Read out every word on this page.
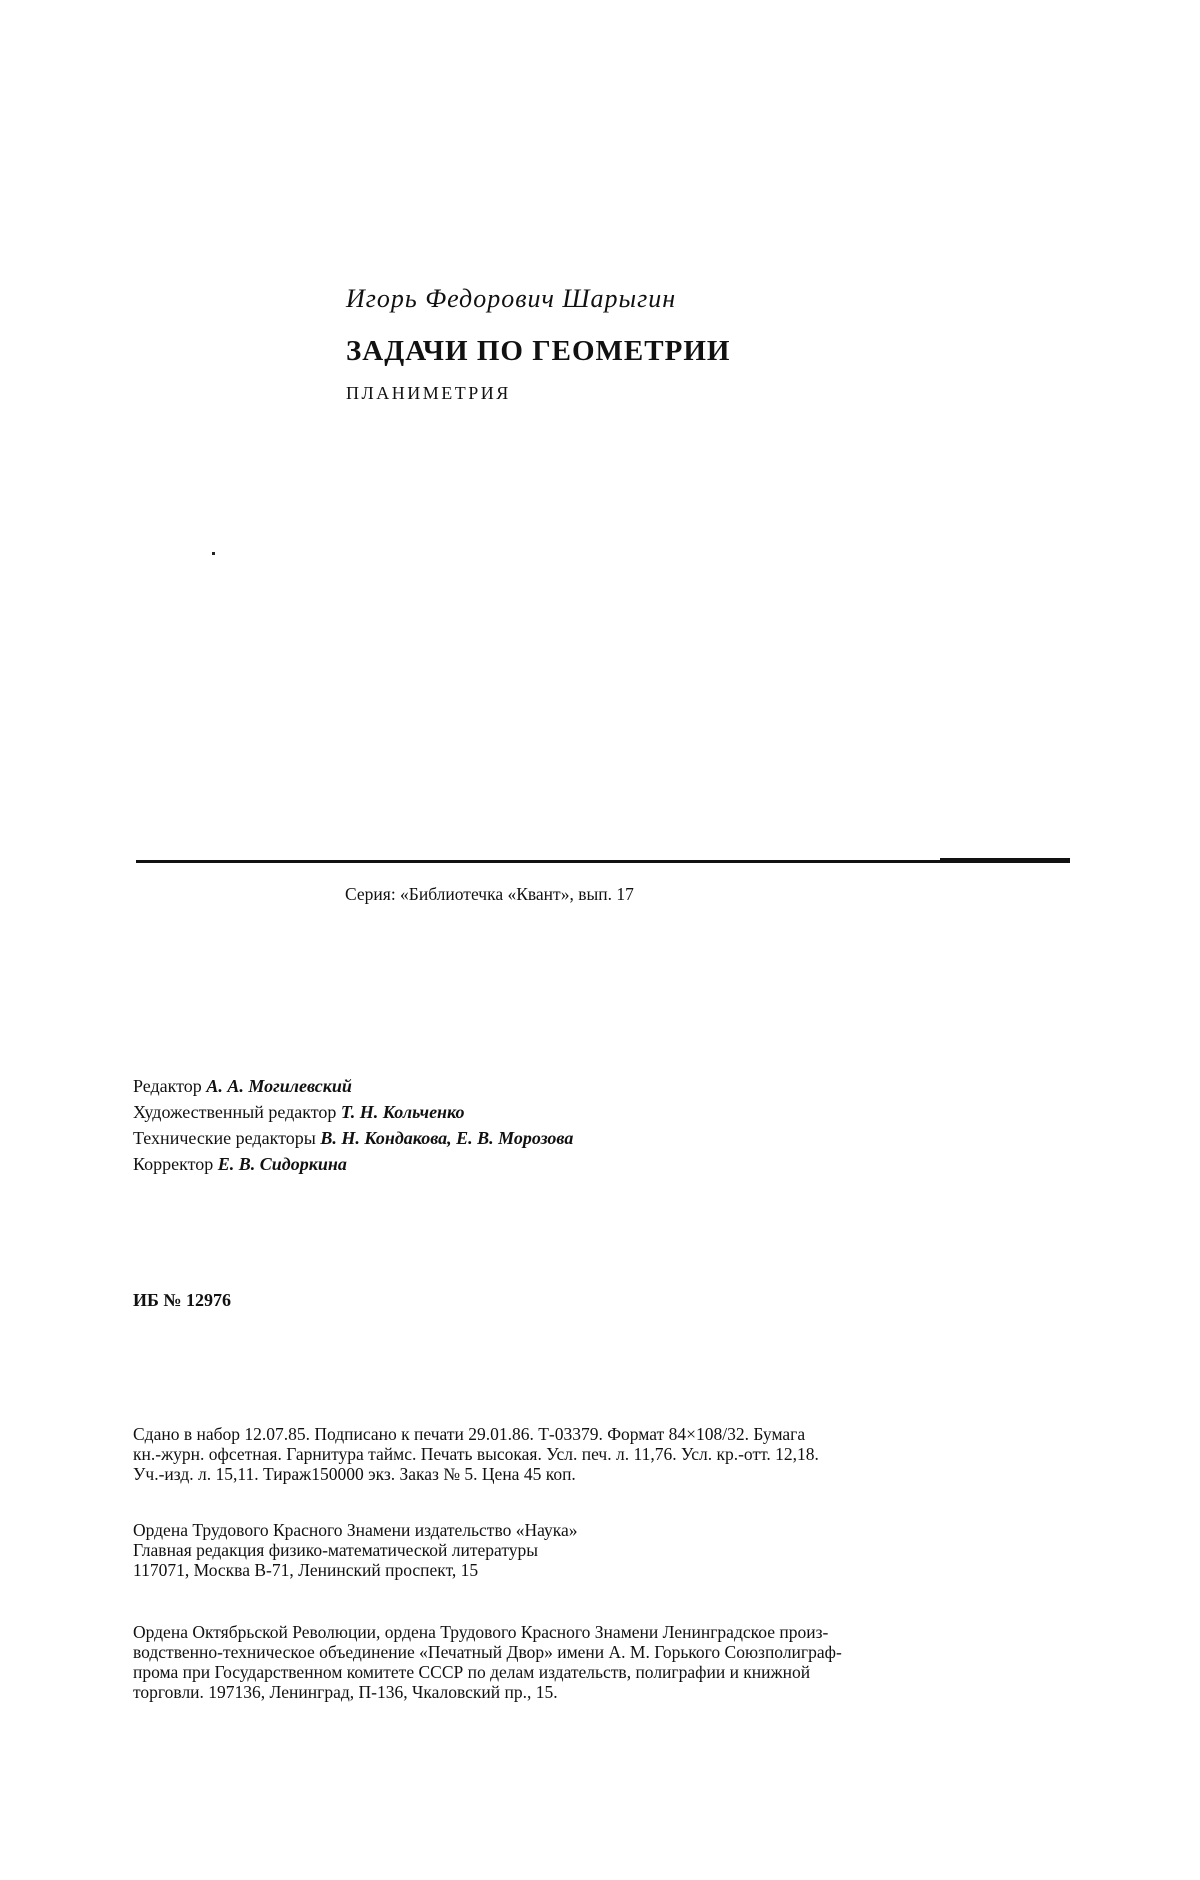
Игорь Федорович Шарыгин
ЗАДАЧИ ПО ГЕОМЕТРИИ
ПЛАНИМЕТРИЯ
Серия: «Библиотечка «Квант», вып. 17
Редактор А. А. Могилевский
Художественный редактор Т. Н. Кольченко
Технические редакторы В. Н. Кондакова, Е. В. Морозова
Корректор Е. В. Сидоркина
ИБ № 12976

Сдано в набор 12.07.85. Подписано к печати 29.01.86. Т-03379. Формат 84×108/32. Бумага

кн.-журн. офсетная. Гарнитура таймс. Печать высокая. Усл. печ. л. 11,76. Усл. кр.-отт. 12,18.

Уч.-изд. л. 15,11. Тираж150000 экз. Заказ № 5. Цена 45 коп.

Ордена Трудового Красного Знамени издательство «Наука»

Главная редакция физико-математической литературы

117071, Москва В-71, Ленинский проспект, 15

Ордена Октябрьской Революции, ордена Трудового Красного Знамени Ленинградское произ-

водственно-техническое объединение «Печатный Двор» имени А. М. Горького Союзполиграф-

прома при Государственном комитете СССР по делам издательств, полиграфии и книжной

торговли. 197136, Ленинград, П-136, Чкаловский пр., 15.
